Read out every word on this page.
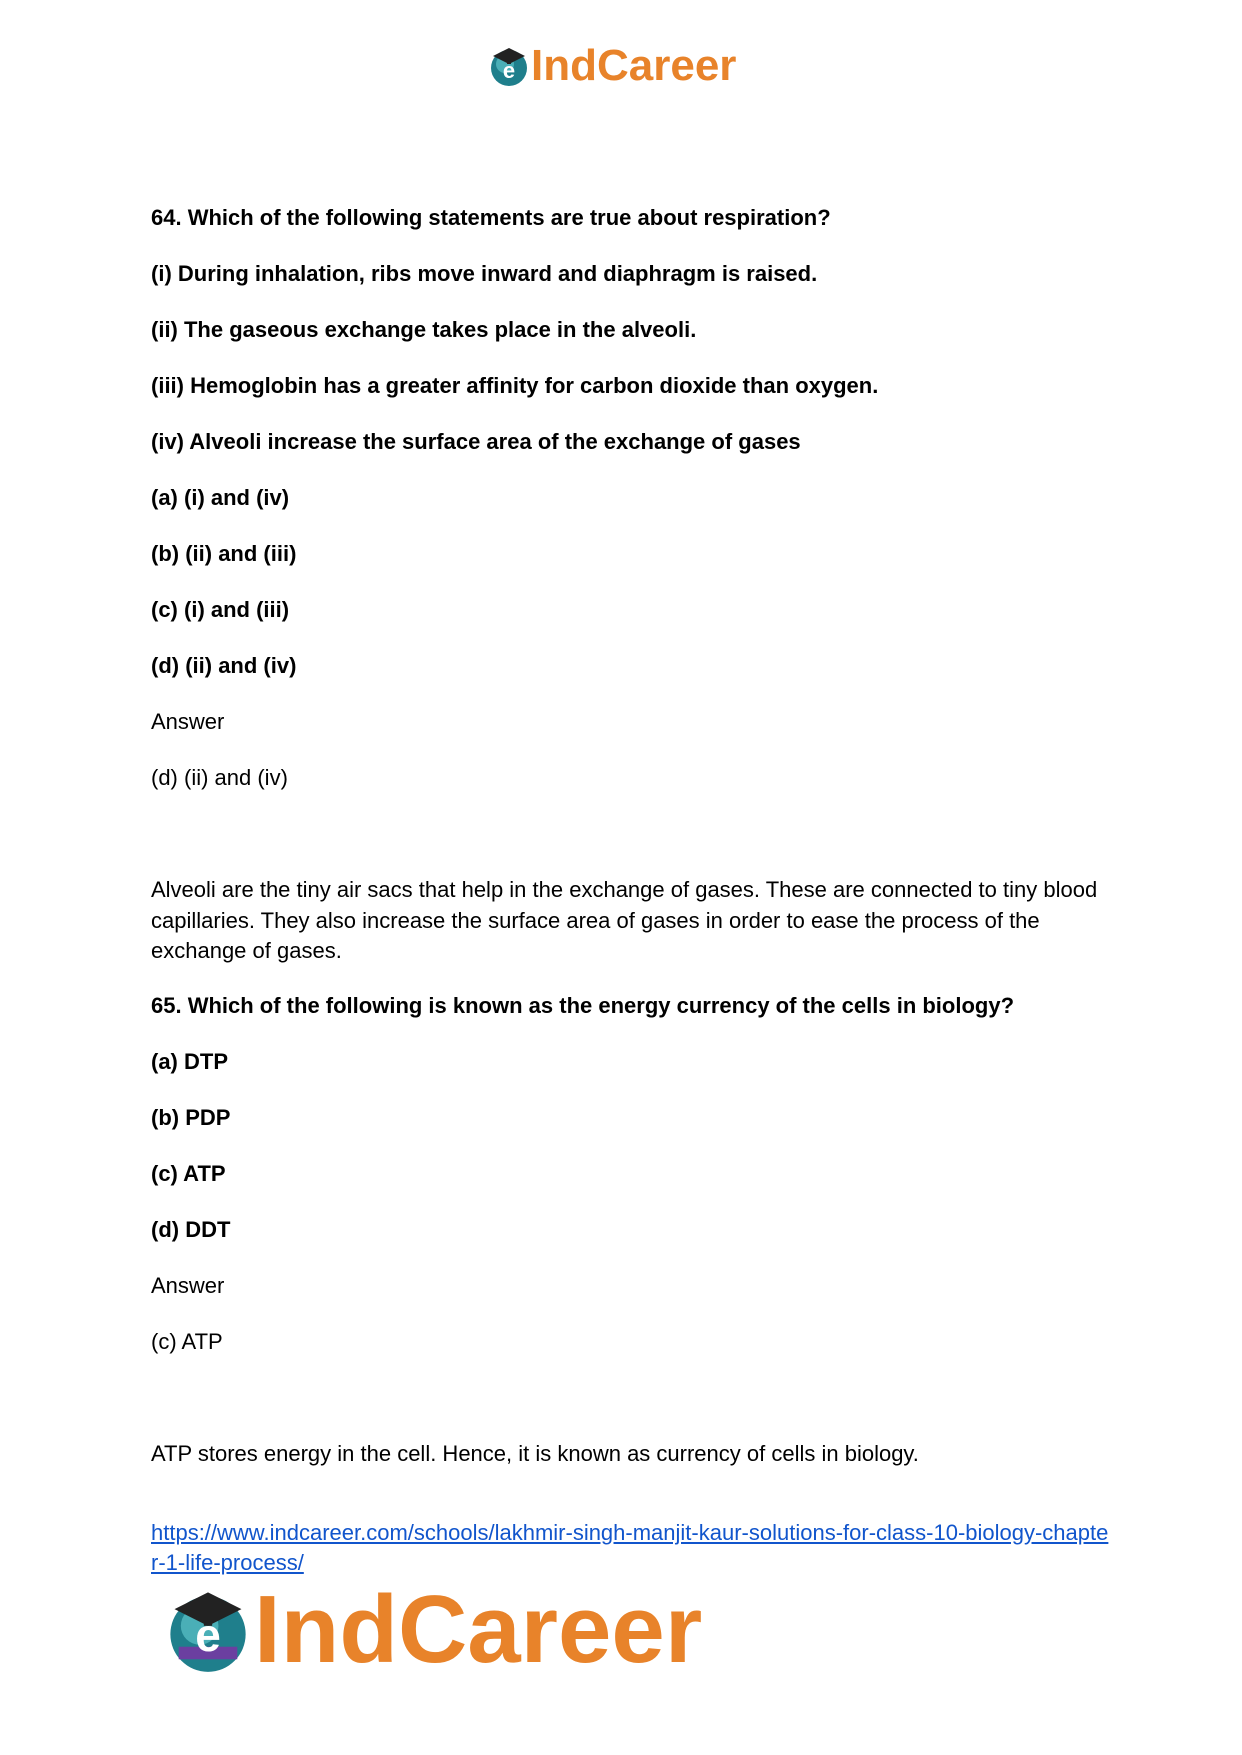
e IndCareer
64. Which of the following statements are true about respiration?
(i) During inhalation, ribs move inward and diaphragm is raised.
(ii) The gaseous exchange takes place in the alveoli.
(iii) Hemoglobin has a greater affinity for carbon dioxide than oxygen.
(iv) Alveoli increase the surface area of the exchange of gases
(a) (i) and (iv)
(b) (ii) and (iii)
(c) (i) and (iii)
(d) (ii) and (iv)
Answer
(d) (ii) and (iv)
Alveoli are the tiny air sacs that help in the exchange of gases. These are connected to tiny blood capillaries. They also increase the surface area of gases in order to ease the process of the exchange of gases.
65. Which of the following is known as the energy currency of the cells in biology?
(a) DTP
(b) PDP
(c) ATP
(d) DDT
Answer
(c) ATP
ATP stores energy in the cell. Hence, it is known as currency of cells in biology.
https://www.indcareer.com/schools/lakhmir-singh-manjit-kaur-solutions-for-class-10-biology-chapter-1-life-process/
e IndCareer
